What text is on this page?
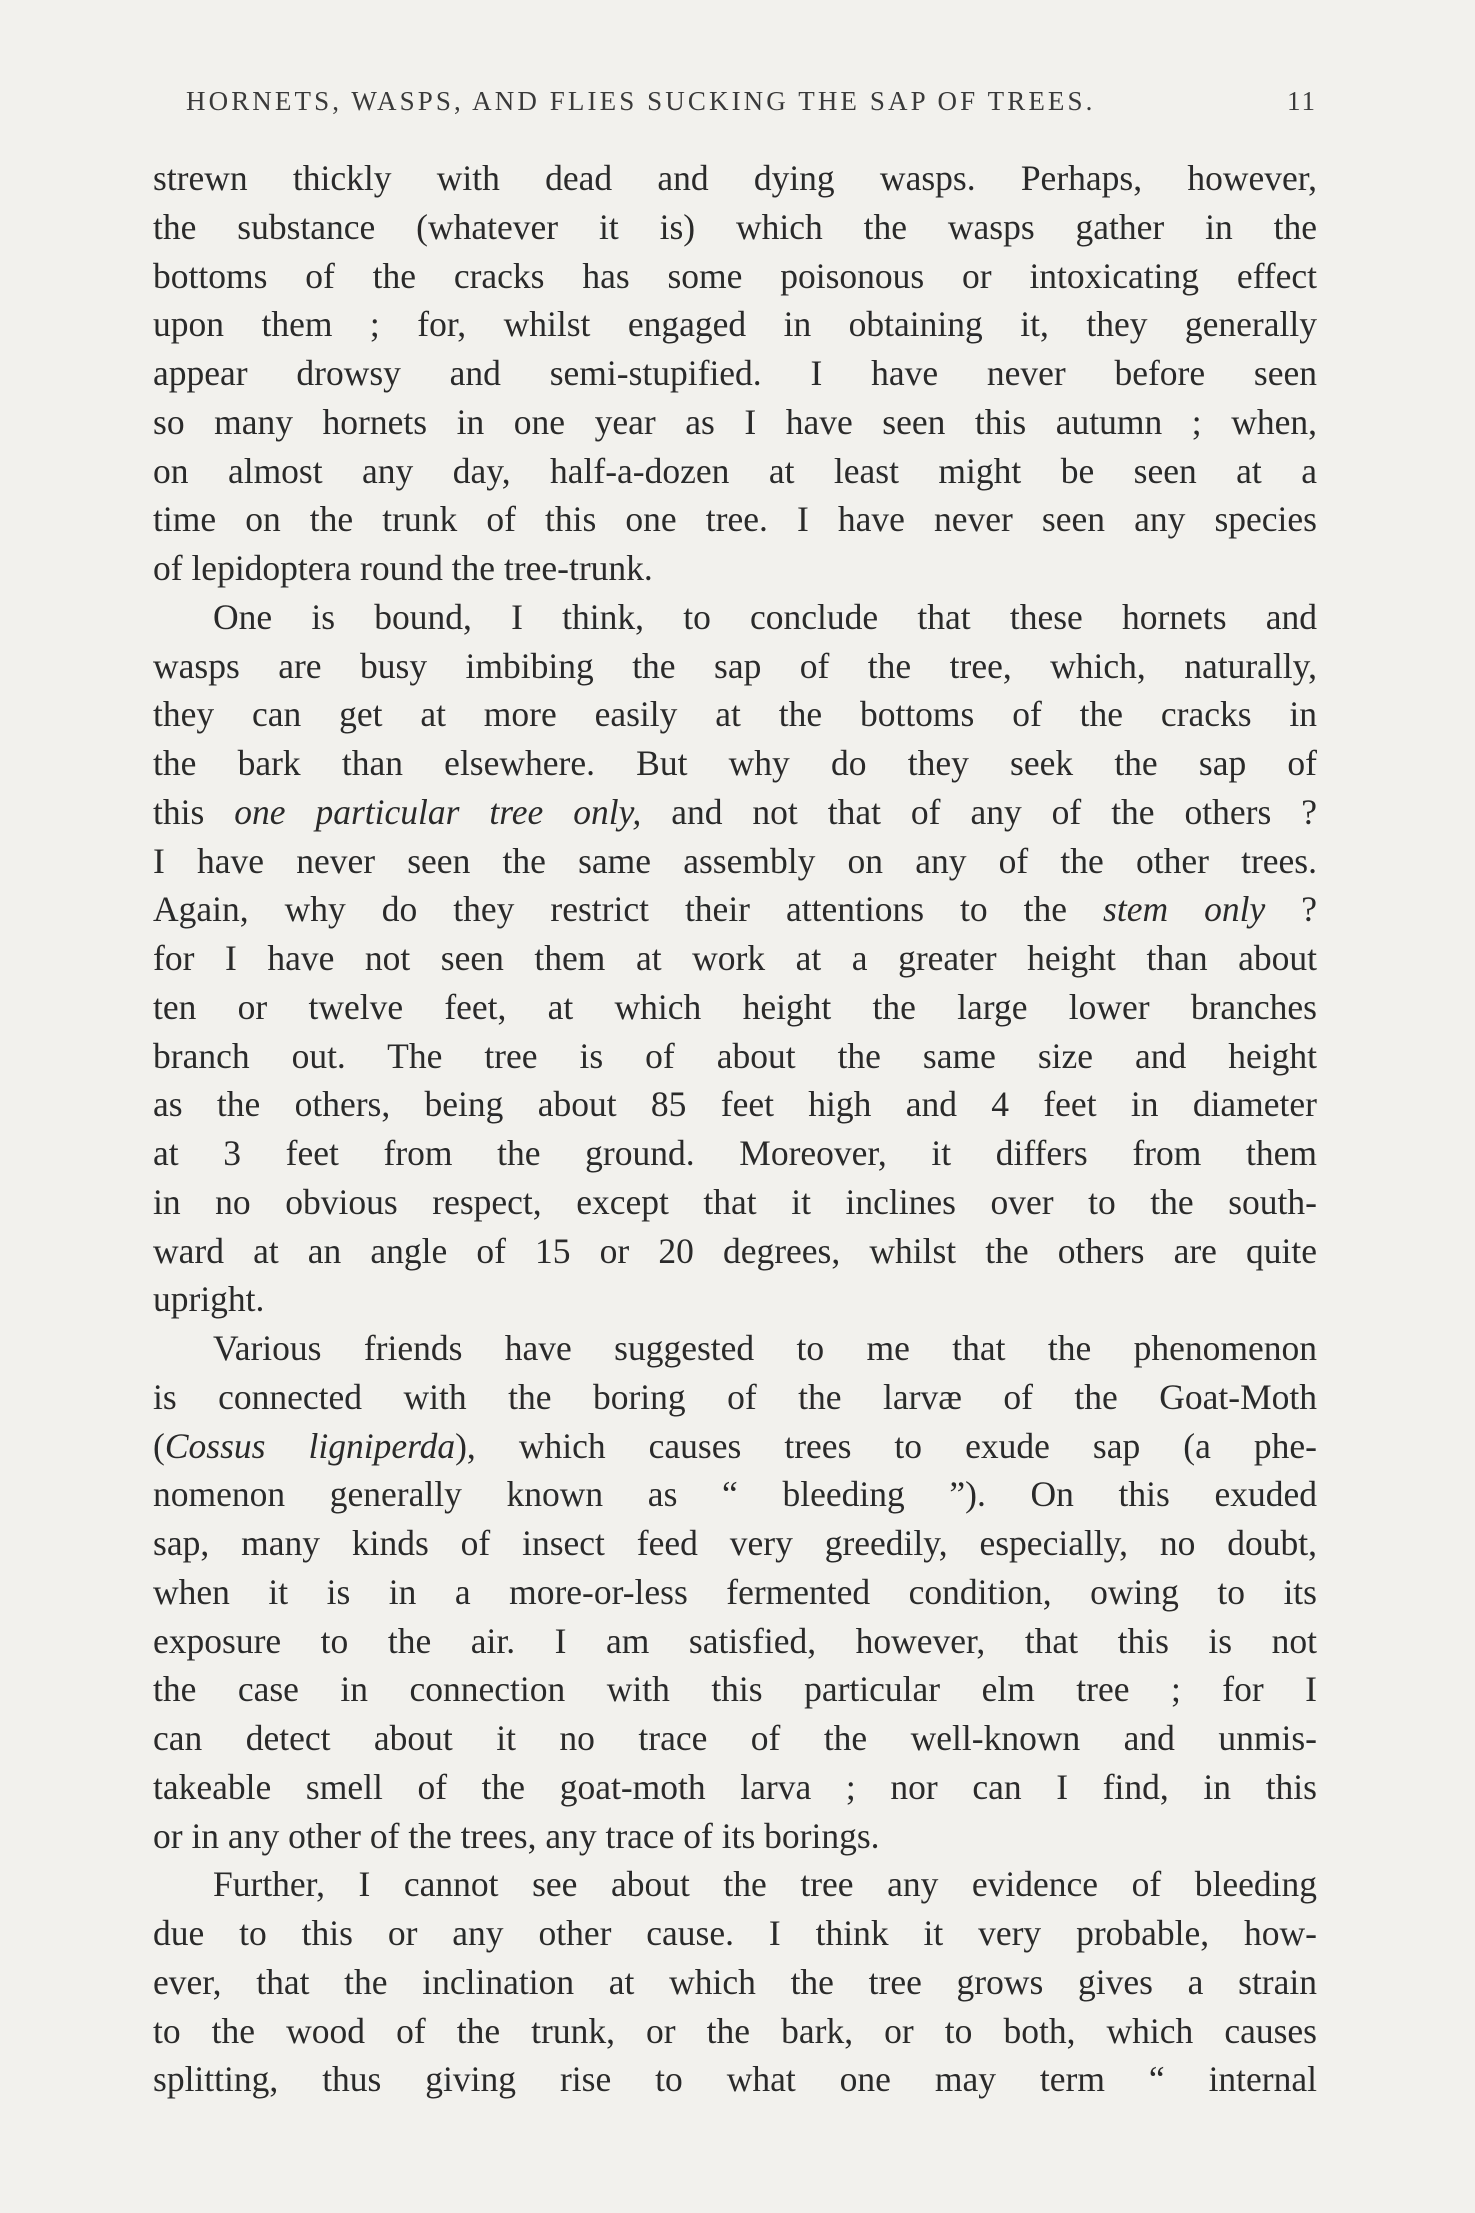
HORNETS, WASPS, AND FLIES SUCKING THE SAP OF TREES.	11
strewn thickly with dead and dying wasps. Perhaps, however,
the substance (whatever it is) which the wasps gather in the
bottoms of the cracks has some poisonous or intoxicating effect
upon them ; for, whilst engaged in obtaining it, they generally
appear drowsy and semi-stupified. I have never before seen
so many hornets in one year as I have seen this autumn ; when,
on almost any day, half-a-dozen at least might be seen at a
time on the trunk of this one tree. I have never seen any species
of lepidoptera round the tree-trunk.
One is bound, I think, to conclude that these hornets and
wasps are busy imbibing the sap of the tree, which, naturally,
they can get at more easily at the bottoms of the cracks in
the bark than elsewhere. But why do they seek the sap of
this one particular tree only, and not that of any of the others ?
I have never seen the same assembly on any of the other trees.
Again, why do they restrict their attentions to the stem only ?
for I have not seen them at work at a greater height than about
ten or twelve feet, at which height the large lower branches
branch out. The tree is of about the same size and height
as the others, being about 85 feet high and 4 feet in diameter
at 3 feet from the ground. Moreover, it differs from them
in no obvious respect, except that it inclines over to the south-
ward at an angle of 15 or 20 degrees, whilst the others are quite
upright.
Various friends have suggested to me that the phenomenon
is connected with the boring of the larvæ of the Goat-Moth
(Cossus ligniperda), which causes trees to exude sap (a phe-
nomenon generally known as “ bleeding ”). On this exuded
sap, many kinds of insect feed very greedily, especially, no doubt,
when it is in a more-or-less fermented condition, owing to its
exposure to the air. I am satisfied, however, that this is not
the case in connection with this particular elm tree ; for I
can detect about it no trace of the well-known and unmis-
takeable smell of the goat-moth larva ; nor can I find, in this
or in any other of the trees, any trace of its borings.
Further, I cannot see about the tree any evidence of bleeding
due to this or any other cause. I think it very probable, how-
ever, that the inclination at which the tree grows gives a strain
to the wood of the trunk, or the bark, or to both, which causes
splitting, thus giving rise to what one may term “ internal
